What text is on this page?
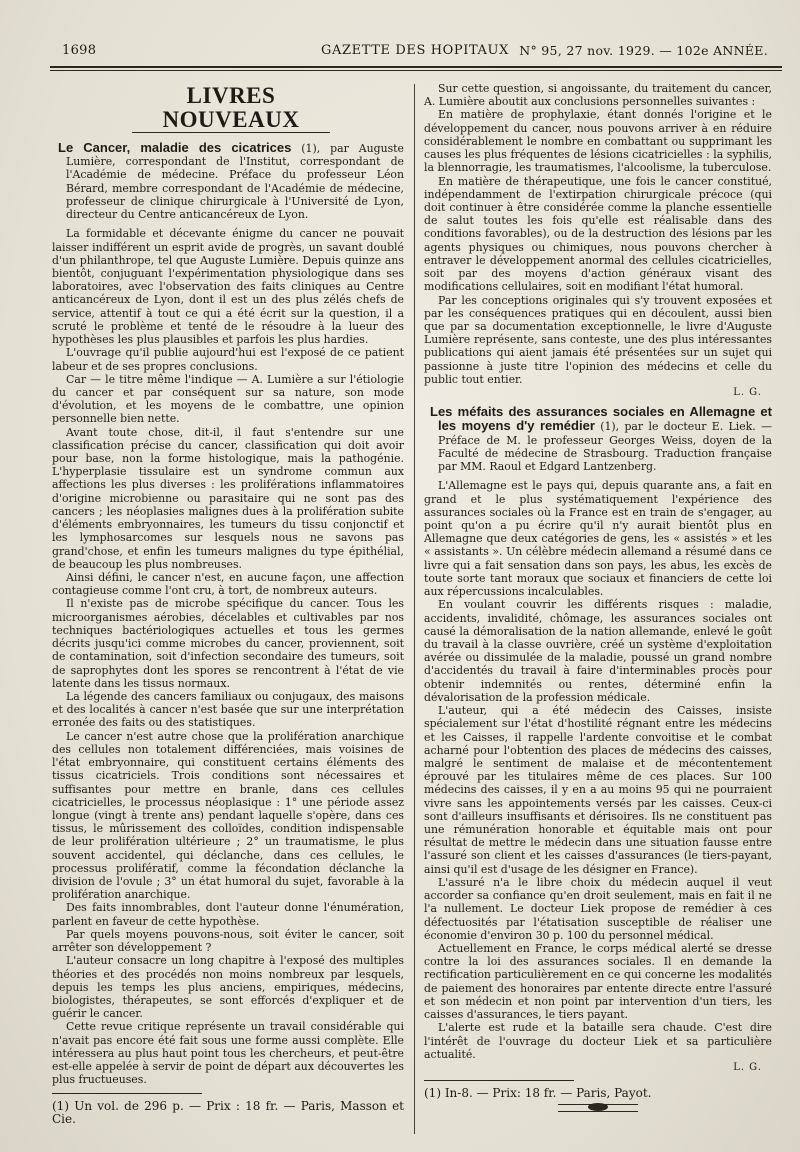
1698	GAZETTE DES HOPITAUX N° 95, 27 nov. 1929. — 102e ANNÉE.
LIVRES NOUVEAUX

Le Cancer, maladie des cicatrices (1), par Auguste Lumière, correspondant de l'Institut, correspondant de l'Académie de médecine. Préface du professeur Léon Bérard, membre correspondant de l'Académie de médecine, professeur de clinique chirurgicale à l'Université de Lyon, directeur du Centre anticancéreux de Lyon.

La formidable et décevante énigme du cancer ne pouvait laisser indifférent un esprit avide de progrès, un savant doublé d'un philanthrope, tel que Auguste Lumière. Depuis quinze ans bientôt, conjuguant l'expérimentation physiologique dans ses laboratoires, avec l'observation des faits cliniques au Centre anticancéreux de Lyon, dont il est un des plus zélés chefs de service, attentif à tout ce qui a été écrit sur la question, il a scruté le problème et tenté de le résoudre à la lueur des hypothèses les plus plausibles et parfois les plus hardies.

L'ouvrage qu'il publie aujourd'hui est l'exposé de ce patient labeur et de ses propres conclusions.

Car — le titre même l'indique — A. Lumière a sur l'étiologie du cancer et par conséquent sur sa nature, son mode d'évolution, et les moyens de le combattre, une opinion personnelle bien nette.

Avant toute chose, dit-il, il faut s'entendre sur une classification précise du cancer, classification qui doit avoir pour base, non la forme histologique, mais la pathogénie. L'hyperplasie tissulaire est un syndrome commun aux affections les plus diverses : les proliférations inflammatoires d'origine microbienne ou parasitaire qui ne sont pas des cancers ; les néoplasies malignes dues à la prolifération subite d'éléments embryonnaires, les tumeurs du tissu conjonctif et les lymphosarcomes sur lesquels nous ne savons pas grand'chose, et enfin les tumeurs malignes du type épithélial, de beaucoup les plus nombreuses.

Ainsi défini, le cancer n'est, en aucune façon, une affection contagieuse comme l'ont cru, à tort, de nombreux auteurs.

Il n'existe pas de microbe spécifique du cancer. Tous les microorganismes aérobies, décelables et cultivables par nos techniques bactériologiques actuelles et tous les germes décrits jusqu'ici comme microbes du cancer, proviennent, soit de contamination, soit d'infection secondaire des tumeurs, soit de saprophytes dont les spores se rencontrent à l'état de vie latente dans les tissus normaux.

La légende des cancers familiaux ou conjugaux, des maisons et des localités à cancer n'est basée que sur une interprétation erronée des faits ou des statistiques.

Le cancer n'est autre chose que la prolifération anarchique des cellules non totalement différenciées, mais voisines de l'état embryonnaire, qui constituent certains éléments des tissus cicatriciels. Trois conditions sont nécessaires et suffisantes pour mettre en branle, dans ces cellules cicatricielles, le processus néoplasique : 1° une période assez longue (vingt à trente ans) pendant laquelle s'opère, dans ces tissus, le mûrissement des colloïdes, condition indispensable de leur prolifération ultérieure ; 2° un traumatisme, le plus souvent accidentel, qui déclanche, dans ces cellules, le processus prolifératif, comme la fécondation déclanche la division de l'ovule ; 3° un état humoral du sujet, favorable à la prolifération anarchique.

Des faits innombrables, dont l'auteur donne l'énumération, parlent en faveur de cette hypothèse.

Par quels moyens pouvons-nous, soit éviter le cancer, soit arrêter son développement ?

L'auteur consacre un long chapitre à l'exposé des multiples théories et des procédés non moins nombreux par lesquels, depuis les temps les plus anciens, empiriques, médecins, biologistes, thérapeutes, se sont efforcés d'expliquer et de guérir le cancer.

Cette revue critique représente un travail considérable qui n'avait pas encore été fait sous une forme aussi complète. Elle intéressera au plus haut point tous les chercheurs, et peut-être est-elle appelée à servir de point de départ aux découvertes les plus fructueuses.

(1) Un vol. de 296 p. — Prix : 18 fr. — Paris, Masson et Cie.

Sur cette question, si angoissante, du traitement du cancer, A. Lumière aboutit aux conclusions personnelles suivantes :

En matière de prophylaxie, étant donnés l'origine et le développement du cancer, nous pouvons arriver à en réduire considérablement le nombre en combattant ou supprimant les causes les plus fréquentes de lésions cicatricielles : la syphilis, la blennorragie, les traumatismes, l'alcoolisme, la tuberculose.

En matière de thérapeutique, une fois le cancer constitué, indépendamment de l'extirpation chirurgicale précoce (qui doit continuer à être considérée comme la planche essentielle de salut toutes les fois qu'elle est réalisable dans des conditions favorables), ou de la destruction des lésions par les agents physiques ou chimiques, nous pouvons chercher à entraver le développement anormal des cellules cicatricielles, soit par des moyens d'action généraux visant des modifications cellulaires, soit en modifiant l'état humoral.

Par les conceptions originales qui s'y trouvent exposées et par les conséquences pratiques qui en découlent, aussi bien que par sa documentation exceptionnelle, le livre d'Auguste Lumière représente, sans conteste, une des plus intéressantes publications qui aient jamais été présentées sur un sujet qui passionne à juste titre l'opinion des médecins et celle du public tout entier.

L. G.

Les méfaits des assurances sociales en Allemagne et les moyens d'y remédier (1), par le docteur E. Liek. — Préface de M. le professeur Georges Weiss, doyen de la Faculté de médecine de Strasbourg. Traduction française par MM. Raoul et Edgard Lantzenberg.

L'Allemagne est le pays qui, depuis quarante ans, a fait en grand et le plus systématiquement l'expérience des assurances sociales où la France est en train de s'engager, au point qu'on a pu écrire qu'il n'y aurait bientôt plus en Allemagne que deux catégories de gens, les « assistés » et les « assistants ». Un célèbre médecin allemand a résumé dans ce livre qui a fait sensation dans son pays, les abus, les excès de toute sorte tant moraux que sociaux et financiers de cette loi aux répercussions incalculables.

En voulant couvrir les différents risques : maladie, accidents, invalidité, chômage, les assurances sociales ont causé la démoralisation de la nation allemande, enlevé le goût du travail à la classe ouvrière, créé un système d'exploitation avérée ou dissimulée de la maladie, poussé un grand nombre d'accidentés du travail à faire d'interminables procès pour obtenir indemnités ou rentes, déterminé enfin la dévalorisation de la profession médicale.

L'auteur, qui a été médecin des Caisses, insiste spécialement sur l'état d'hostilité régnant entre les médecins et les Caisses, il rappelle l'ardente convoitise et le combat acharné pour l'obtention des places de médecins des caisses, malgré le sentiment de malaise et de mécontentement éprouvé par les titulaires même de ces places. Sur 100 médecins des caisses, il y en a au moins 95 qui ne pourraient vivre sans les appointements versés par les caisses. Ceux-ci sont d'ailleurs insuffisants et dérisoires. Ils ne constituent pas une rémunération honorable et équitable mais ont pour résultat de mettre le médecin dans une situation fausse entre l'assuré son client et les caisses d'assurances (le tiers-payant, ainsi qu'il est d'usage de les désigner en France).

L'assuré n'a le libre choix du médecin auquel il veut accorder sa confiance qu'en droit seulement, mais en fait il ne l'a nullement. Le docteur Liek propose de remédier à ces défectuosités par l'étatisation susceptible de réaliser une économie d'environ 30 p. 100 du personnel médical.

Actuellement en France, le corps médical alerté se dresse contre la loi des assurances sociales. Il en demande la rectification particulièrement en ce qui concerne les modalités de paiement des honoraires par entente directe entre l'assuré et son médecin et non point par intervention d'un tiers, les caisses d'assurances, le tiers payant.

L'alerte est rude et la bataille sera chaude. C'est dire l'intérêt de l'ouvrage du docteur Liek et sa particulière actualité.

L. G.

(1) In-8. — Prix: 18 fr. — Paris, Payot.
